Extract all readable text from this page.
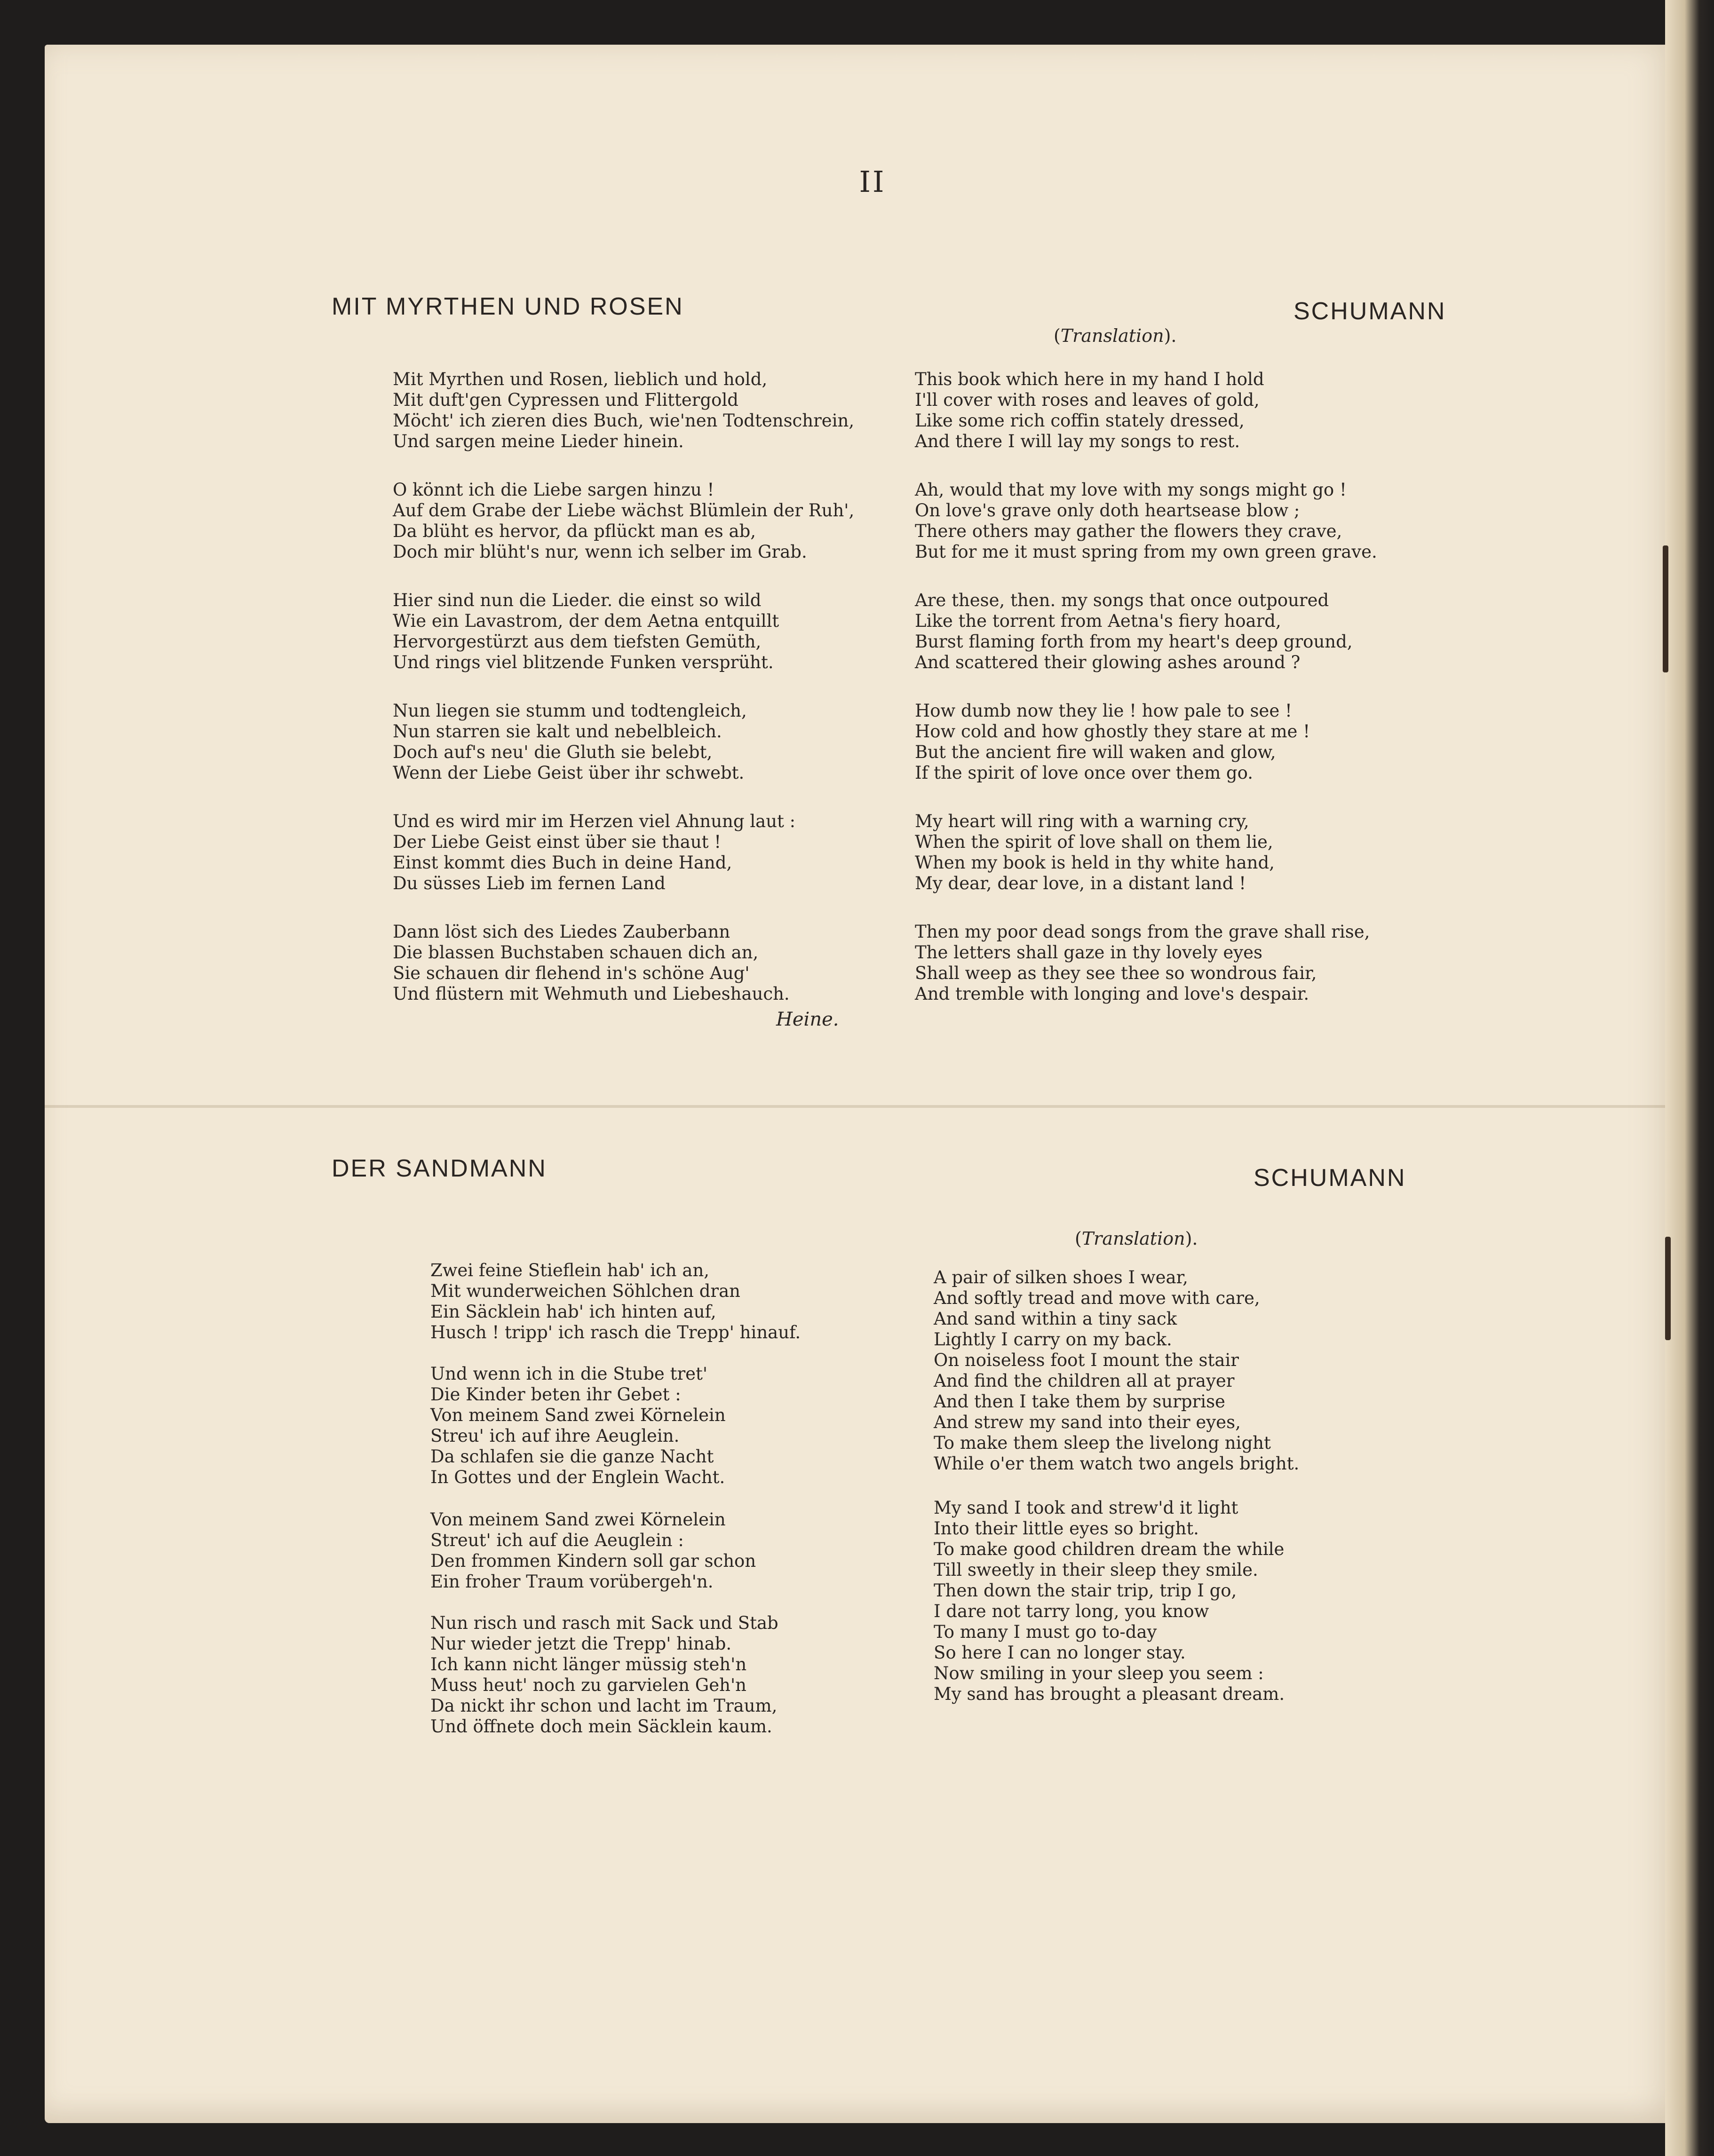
II
MIT MYRTHEN UND ROSEN	SCHUMANN
(Translation).
Mit Myrthen und Rosen, lieblich und hold,
Mit duft'gen Cypressen und Flittergold
Möcht' ich zieren dies Buch, wie'nen Todtenschrein,
Und sargen meine Lieder hinein.
O könnt ich die Liebe sargen hinzu !
Auf dem Grabe der Liebe wächst Blümlein der Ruh',
Da blüht es hervor, da pflückt man es ab,
Doch mir blüht's nur, wenn ich selber im Grab.
Hier sind nun die Lieder. die einst so wild
Wie ein Lavastrom, der dem Aetna entquillt
Hervorgestürzt aus dem tiefsten Gemüth,
Und rings viel blitzende Funken versprüht.
Nun liegen sie stumm und todtengleich,
Nun starren sie kalt und nebelbleich.
Doch auf's neu' die Gluth sie belebt,
Wenn der Liebe Geist über ihr schwebt.
Und es wird mir im Herzen viel Ahnung laut :
Der Liebe Geist einst über sie thaut !
Einst kommt dies Buch in deine Hand,
Du süsses Lieb im fernen Land
Dann löst sich des Liedes Zauberbann
Die blassen Buchstaben schauen dich an,
Sie schauen dir flehend in's schöne Aug'
Und flüstern mit Wehmuth und Liebeshauch.
This book which here in my hand I hold
I'll cover with roses and leaves of gold,
Like some rich coffin stately dressed,
And there I will lay my songs to rest.
Ah, would that my love with my songs might go !
On love's grave only doth heartsease blow ;
There others may gather the flowers they crave,
But for me it must spring from my own green grave.
Are these, then. my songs that once outpoured
Like the torrent from Aetna's fiery hoard,
Burst flaming forth from my heart's deep ground,
And scattered their glowing ashes around ?
How dumb now they lie ! how pale to see !
How cold and how ghostly they stare at me !
But the ancient fire will waken and glow,
If the spirit of love once over them go.
My heart will ring with a warning cry,
When the spirit of love shall on them lie,
When my book is held in thy white hand,
My dear, dear love, in a distant land !
Then my poor dead songs from the grave shall rise,
The letters shall gaze in thy lovely eyes
Shall weep as they see thee so wondrous fair,
And tremble with longing and love's despair.
Heine.
DER SANDMANN	SCHUMANN
(Translation).
Zwei feine Stieflein hab' ich an,
Mit wunderweichen Söhlchen dran
Ein Säcklein hab' ich hinten auf,
Husch ! tripp' ich rasch die Trepp' hinauf.
Und wenn ich in die Stube tret'
Die Kinder beten ihr Gebet :
Von meinem Sand zwei Körnelein
Streu' ich auf ihre Aeuglein.
Da schlafen sie die ganze Nacht
In Gottes und der Englein Wacht.
Von meinem Sand zwei Körnelein
Streut' ich auf die Aeuglein :
Den frommen Kindern soll gar schon
Ein froher Traum vorübergeh'n.
Nun risch und rasch mit Sack und Stab
Nur wieder jetzt die Trepp' hinab.
Ich kann nicht länger müssig steh'n
Muss heut' noch zu garvielen Geh'n
Da nickt ihr schon und lacht im Traum,
Und öffnete doch mein Säcklein kaum.
A pair of silken shoes I wear,
And softly tread and move with care,
And sand within a tiny sack
Lightly I carry on my back.
On noiseless foot I mount the stair
And find the children all at prayer
And then I take them by surprise
And strew my sand into their eyes,
To make them sleep the livelong night
While o'er them watch two angels bright.
My sand I took and strew'd it light
Into their little eyes so bright.
To make good children dream the while
Till sweetly in their sleep they smile.
Then down the stair trip, trip I go,
I dare not tarry long, you know
To many I must go to-day
So here I can no longer stay.
Now smiling in your sleep you seem :
My sand has brought a pleasant dream.
